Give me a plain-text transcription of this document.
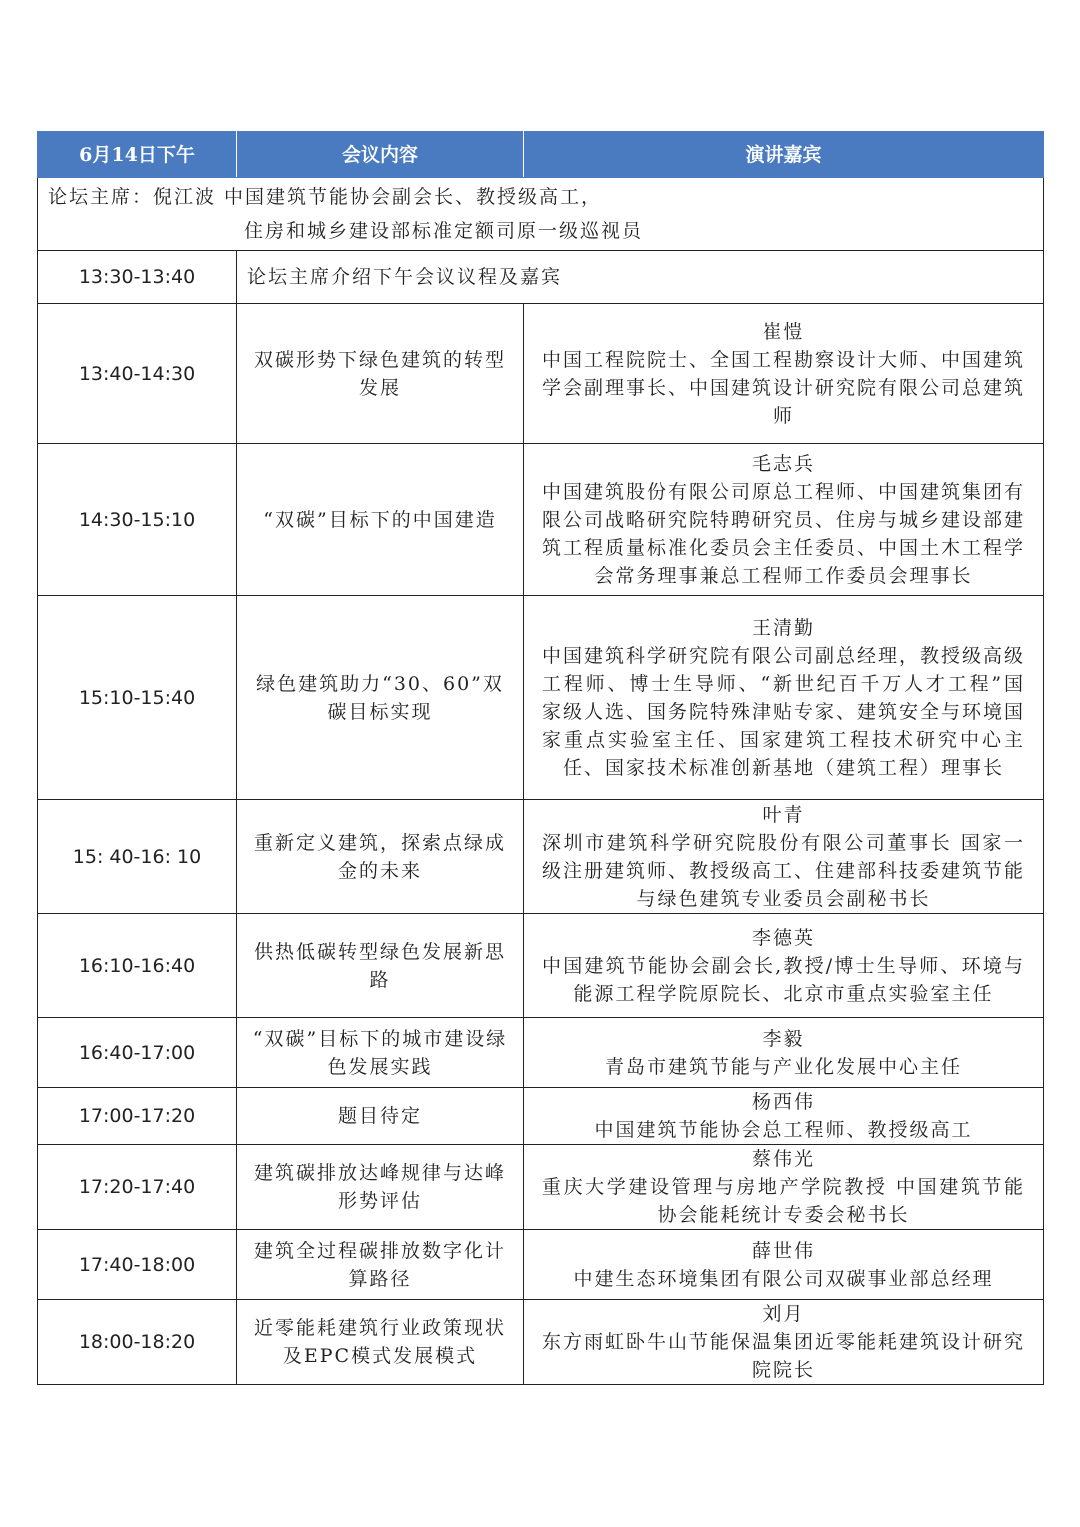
6月14日下午	会议内容	演讲嘉宾
论坛主席：倪江波 中国建筑节能协会副会长、教授级高工，
住房和城乡建设部标准定额司原一级巡视员		

13:30-13:40	论坛主席介绍下午会议议程及嘉宾	
13:40-14:30	双碳形势下绿色建筑的转型发展	崔愷
中国工程院院士、全国工程勘察设计大师、中国建筑学会副理事长、中国建筑设计研究院有限公司总建筑师

14:30-15:10	“双碳”目标下的中国建造	毛志兵
中国建筑股份有限公司原总工程师、中国建筑集团有限公司战略研究院特聘研究员、住房与城乡建设部建筑工程质量标准化委员会主任委员、中国土木工程学会常务理事兼总工程师工作委员会理事长

15:10-15:40	绿色建筑助力“30、60”双碳目标实现	王清勤
中国建筑科学研究院有限公司副总经理，教授级高级工程师、博士生导师、“新世纪百千万人才工程”国家级人选、国务院特殊津贴专家、建筑安全与环境国家重点实验室主任、国家建筑工程技术研究中心主任、国家技术标准创新基地（建筑工程）理事长

15: 40-16: 10	重新定义建筑，探索点绿成金的未来	叶青
深圳市建筑科学研究院股份有限公司董事长 国家一级注册建筑师、教授级高工、住建部科技委建筑节能与绿色建筑专业委员会副秘书长

16:10-16:40	供热低碳转型绿色发展新思路	李德英
中国建筑节能协会副会长,教授/博士生导师、环境与能源工程学院原院长、北京市重点实验室主任

16:40-17:00	“双碳”目标下的城市建设绿色发展实践	李毅
青岛市建筑节能与产业化发展中心主任

17:00-17:20	题目待定	杨西伟
中国建筑节能协会总工程师、教授级高工

17:20-17:40	建筑碳排放达峰规律与达峰形势评估	蔡伟光
重庆大学建设管理与房地产学院教授 中国建筑节能协会能耗统计专委会秘书长

17:40-18:00	建筑全过程碳排放数字化计算路径	薛世伟
中建生态环境集团有限公司双碳事业部总经理

18:00-18:20	近零能耗建筑行业政策现状及EPC模式发展模式	刘月
东方雨虹卧牛山节能保温集团近零能耗建筑设计研究院院长
